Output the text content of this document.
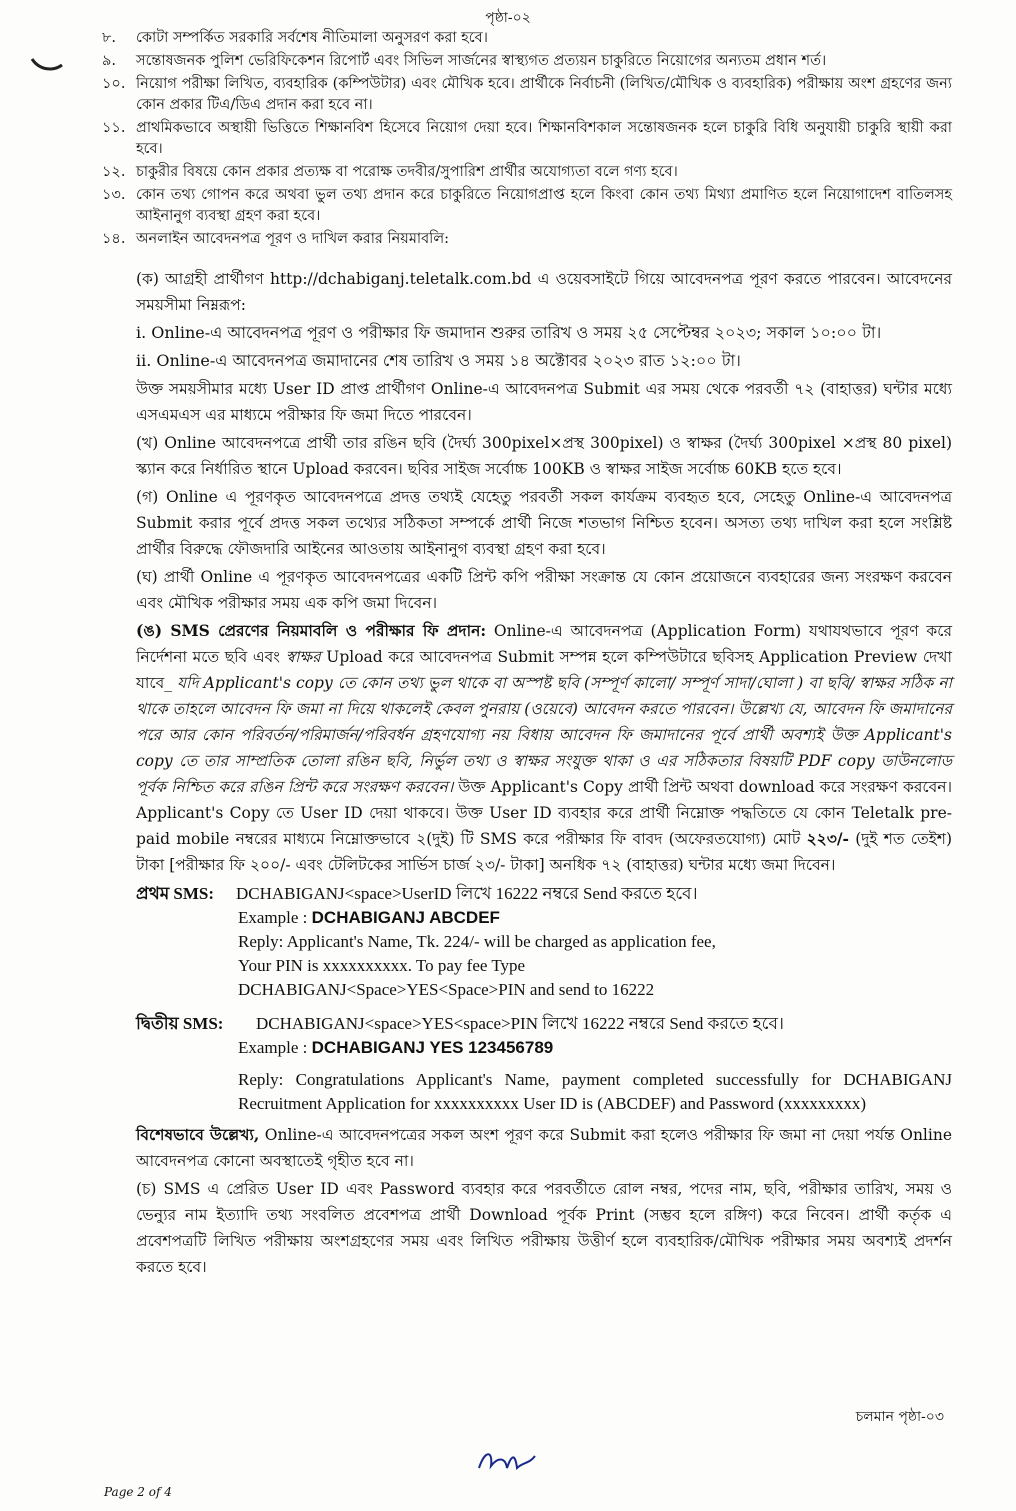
পৃষ্ঠা-০২
৮. কোটা সম্পর্কিত সরকারি সর্বশেষ নীতিমালা অনুসরণ করা হবে।
৯. সন্তোষজনক পুলিশ ভেরিফিকেশন রিপোর্ট এবং সিভিল সার্জনের স্বাস্থ্যগত প্রত্যয়ন চাকুরিতে নিয়োগের অন্যতম প্রধান শর্ত।
১০. নিয়োগ পরীক্ষা লিখিত, ব্যবহারিক (কম্পিউটার) এবং মৌখিক হবে। প্রার্থীকে নির্বাচনী (লিখিত/মৌখিক ও ব্যবহারিক) পরীক্ষায় অংশ গ্রহণের জন্য কোন প্রকার টিএ/ডিএ প্রদান করা হবে না।
১১. প্রাথমিকভাবে অস্থায়ী ভিত্তিতে শিক্ষানবিশ হিসেবে নিয়োগ দেয়া হবে। শিক্ষানবিশকাল সন্তোষজনক হলে চাকুরি বিধি অনুযায়ী চাকুরি স্থায়ী করা হবে।
১২. চাকুরীর বিষয়ে কোন প্রকার প্রত্যক্ষ বা পরোক্ষ তদবীর/সুপারিশ প্রার্থীর অযোগ্যতা বলে গণ্য হবে।
১৩. কোন তথ্য গোপন করে অথবা ভুল তথ্য প্রদান করে চাকুরিতে নিয়োগপ্রাপ্ত হলে কিংবা কোন তথ্য মিথ্যা প্রমাণিত হলে নিয়োগাদেশ বাতিলসহ আইনানুগ ব্যবস্থা গ্রহণ করা হবে।
১৪. অনলাইন আবেদনপত্র পূরণ ও দাখিল করার নিয়মাবলি:

(ক) আগ্রহী প্রার্থীগণ http://dchabiganj.teletalk.com.bd এ ওয়েবসাইটে গিয়ে আবেদনপত্র পূরণ করতে পারবেন। আবেদনের সময়সীমা নিম্নরূপ:

i. Online-এ আবেদনপত্র পূরণ ও পরীক্ষার ফি জমাদান শুরুর তারিখ ও সময় ২৫ সেপ্টেম্বর ২০২৩; সকাল ১০:০০ টা।

ii. Online-এ আবেদনপত্র জমাদানের শেষ তারিখ ও সময় ১৪ অক্টোবর ২০২৩ রাত ১২:০০ টা।

উক্ত সময়সীমার মধ্যে User ID প্রাপ্ত প্রার্থীগণ Online-এ আবেদনপত্র Submit এর সময় থেকে পরবর্তী ৭২ (বাহাত্তর) ঘন্টার মধ্যে এসএমএস এর মাধ্যমে পরীক্ষার ফি জমা দিতে পারবেন।

(খ) Online আবেদনপত্রে প্রার্থী তার রঙিন ছবি (দৈর্ঘ্য 300pixel×প্রস্থ 300pixel) ও স্বাক্ষর (দৈর্ঘ্য 300pixel ×প্রস্থ 80 pixel) স্ক্যান করে নির্ধারিত স্থানে Upload করবেন। ছবির সাইজ সর্বোচ্চ 100KB ও স্বাক্ষর সাইজ সর্বোচ্চ 60KB হতে হবে।

(গ) Online এ পূরণকৃত আবেদনপত্রে প্রদত্ত তথ্যই যেহেতু পরবর্তী সকল কার্যক্রম ব্যবহৃত হবে, সেহেতু Online-এ আবেদনপত্র Submit করার পূর্বে প্রদত্ত সকল তথ্যের সঠিকতা সম্পর্কে প্রার্থী নিজে শতভাগ নিশ্চিত হবেন। অসত্য তথ্য দাখিল করা হলে সংশ্লিষ্ট প্রার্থীর বিরুদ্ধে ফৌজদারি আইনের আওতায় আইনানুগ ব্যবস্থা গ্রহণ করা হবে।

(ঘ) প্রার্থী Online এ পূরণকৃত আবেদনপত্রের একটি প্রিন্ট কপি পরীক্ষা সংক্রান্ত যে কোন প্রয়োজনে ব্যবহারের জন্য সংরক্ষণ করবেন এবং মৌখিক পরীক্ষার সময় এক কপি জমা দিবেন।

(ঙ) SMS প্রেরণের নিয়মাবলি ও পরীক্ষার ফি প্রদান: Online-এ আবেদনপত্র (Application Form) যথাযথভাবে পূরণ করে নির্দেশনা মতে ছবি এবং স্বাক্ষর Upload করে আবেদনপত্র Submit সম্পন্ন হলে কম্পিউটারে ছবিসহ Application Preview দেখা যাবে_ যদি Applicant's copy তে কোন তথ্য ভুল থাকে বা অস্পষ্ট ছবি (সম্পূর্ণ কালো/ সম্পূর্ণ সাদা/ঘোলা ) বা ছবি/ স্বাক্ষর সঠিক না থাকে তাহলে আবেদন ফি জমা না দিয়ে থাকলেই কেবল পুনরায় (ওয়েবে) আবেদন করতে পারবেন। উল্লেখ্য যে, আবেদন ফি জমাদানের পরে আর কোন পরিবর্তন/পরিমার্জন/পরিবর্ধন গ্রহণযোগ্য নয় বিধায় আবেদন ফি জমাদানের পূর্বে প্রার্থী অবশ্যই উক্ত Applicant's copy তে তার সাম্প্রতিক তোলা রঙিন ছবি, নির্ভুল তথ্য ও স্বাক্ষর সংযুক্ত থাকা ও এর সঠিকতার বিষয়টি PDF copy ডাউনলোড পূর্বক নিশ্চিত করে রঙিন প্রিন্ট করে সংরক্ষণ করবেন। উক্ত Applicant's Copy প্রার্থী প্রিন্ট অথবা download করে সংরক্ষণ করবেন। Applicant's Copy তে User ID দেয়া থাকবে। উক্ত User ID ব্যবহার করে প্রার্থী নিম্নোক্ত পদ্ধতিতে যে কোন Teletalk pre-paid mobile নম্বরের মাধ্যমে নিম্নোক্তভাবে ২(দুই) টি SMS করে পরীক্ষার ফি বাবদ (অফেরতযোগ্য) মোট ২২৩/- (দুই শত তেইশ) টাকা [পরীক্ষার ফি ২০০/- এবং টেলিটকের সার্ভিস চার্জ ২৩/- টাকা] অনধিক ৭২ (বাহাত্তর) ঘন্টার মধ্যে জমা দিবেন।

প্রথম SMS: DCHABIGANJ<space>UserID লিখে 16222 নম্বরে Send করতে হবে।
Example : DCHABIGANJ ABCDEF
Reply: Applicant's Name, Tk. 224/- will be charged as application fee,
Your PIN is xxxxxxxxxx. To pay fee Type
DCHABIGANJ<Space>YES<Space>PIN and send to 16222
দ্বিতীয় SMS: DCHABIGANJ<space>YES<space>PIN লিখে 16222 নম্বরে Send করতে হবে।
Example : DCHABIGANJ YES 123456789
Reply: Congratulations Applicant's Name, payment completed successfully for DCHABIGANJ Recruitment Application for xxxxxxxxxx User ID is (ABCDEF) and Password (xxxxxxxxx)

বিশেষভাবে উল্লেখ্য, Online-এ আবেদনপত্রের সকল অংশ পূরণ করে Submit করা হলেও পরীক্ষার ফি জমা না দেয়া পর্যন্ত Online আবেদনপত্র কোনো অবস্থাতেই গৃহীত হবে না।

(চ) SMS এ প্রেরিত User ID এবং Password ব্যবহার করে পরবর্তীতে রোল নম্বর, পদের নাম, ছবি, পরীক্ষার তারিখ, সময় ও ভেন্যুর নাম ইত্যাদি তথ্য সংবলিত প্রবেশপত্র প্রার্থী Download পূর্বক Print (সম্ভব হলে রঙ্গিণ) করে নিবেন। প্রার্থী কর্তৃক এ প্রবেশপত্রটি লিখিত পরীক্ষায় অংশগ্রহণের সময় এবং লিখিত পরীক্ষায় উত্তীর্ণ হলে ব্যবহারিক/মৌখিক পরীক্ষার সময় অবশ্যই প্রদর্শন করতে হবে।

চলমান পৃষ্ঠা-০৩
Page 2 of 4
